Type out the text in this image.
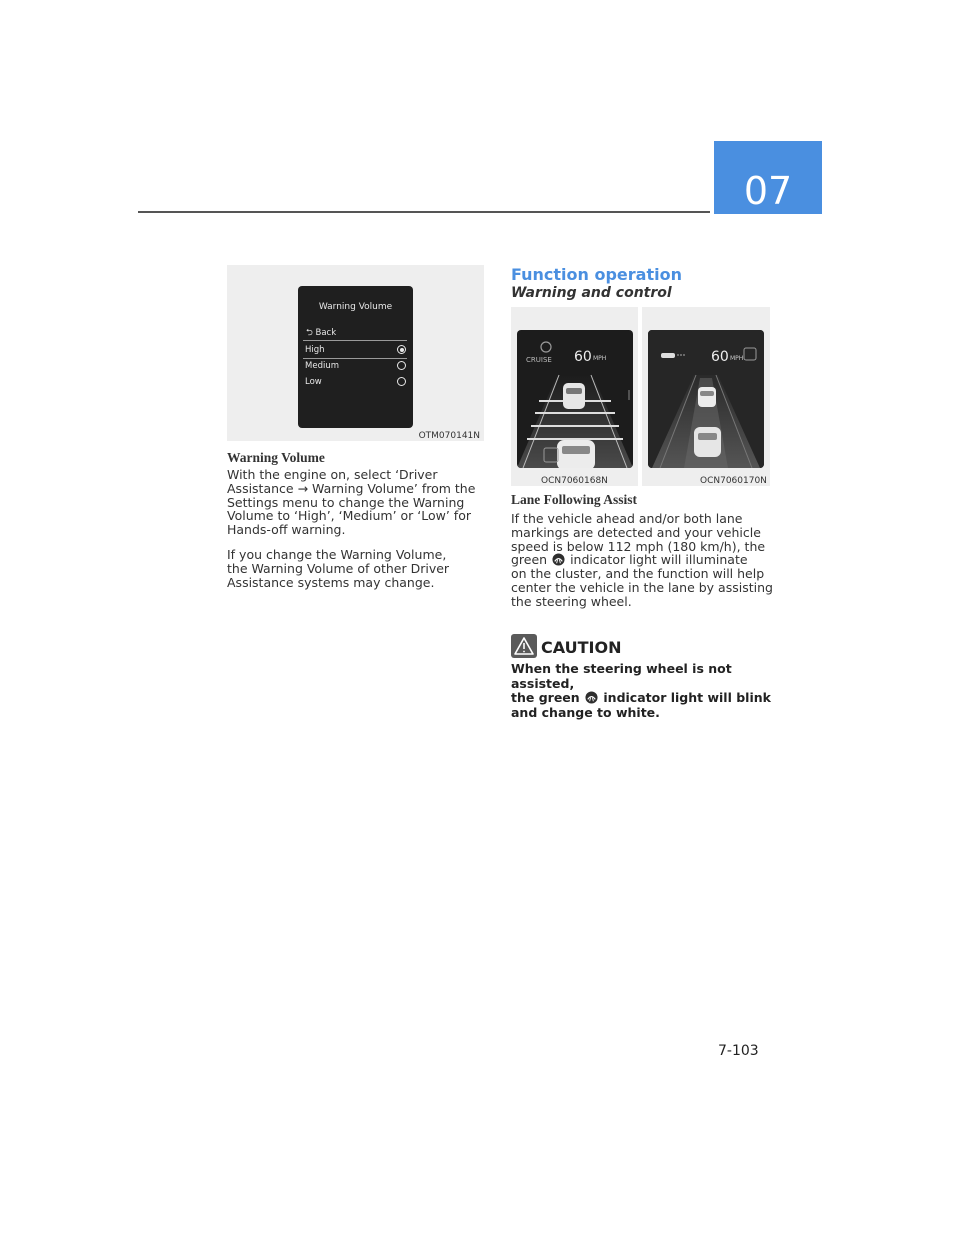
07
Warning Volume
⮌ Back
High
Medium
Low
OTM070141N
Warning Volume
With the engine on, select ‘Driver
Assistance → Warning Volume’ from the
Settings menu to change the Warning
Volume to ‘High’, ‘Medium’ or ‘Low’ for
Hands-off warning.
If you change the Warning Volume,
the Warning Volume of other Driver
Assistance systems may change.
Function operation
Warning and control
CRUISE 60 MPH
OCN7060168N
60 MPH
OCN7060170N
Lane Following Assist
If the vehicle ahead and/or both lane
markings are detected and your vehicle
speed is below 112 mph (180 km/h), the
green indicator light will illuminate
on the cluster, and the function will help
center the vehicle in the lane by assisting
the steering wheel.
CAUTION
When the steering wheel is not assisted,
the green indicator light will blink
and change to white.
7-103
